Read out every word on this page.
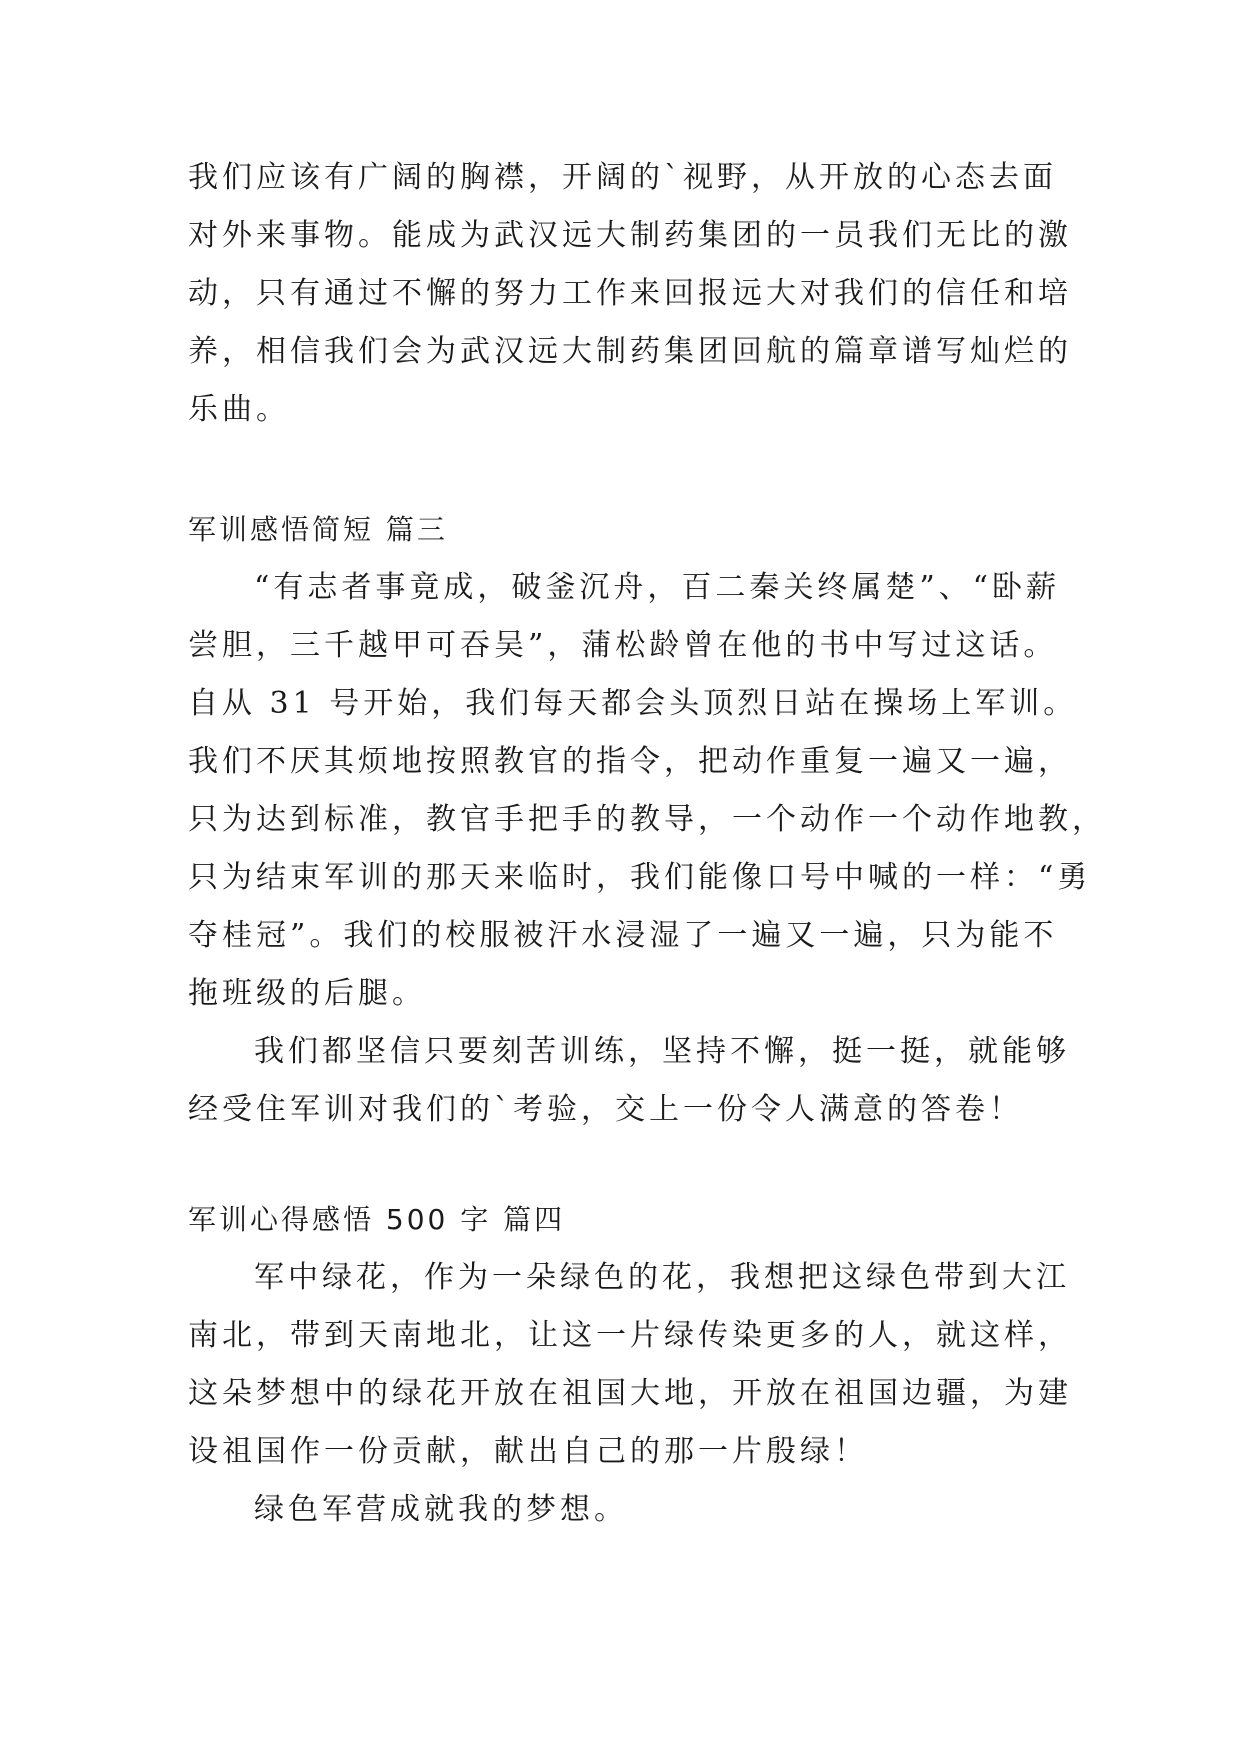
我们应该有广阔的胸襟，开阔的`视野，从开放的心态去面
对外来事物。能成为武汉远大制药集团的一员我们无比的激
动，只有通过不懈的努力工作来回报远大对我们的信任和培
养，相信我们会为武汉远大制药集团回航的篇章谱写灿烂的
乐曲。
军训感悟简短 篇三
“有志者事竟成，破釜沉舟，百二秦关终属楚”、“卧薪
尝胆，三千越甲可吞吴”，蒲松龄曾在他的书中写过这话。
自从 31 号开始，我们每天都会头顶烈日站在操场上军训。
我们不厌其烦地按照教官的指令，把动作重复一遍又一遍，
只为达到标准，教官手把手的教导，一个动作一个动作地教，
只为结束军训的那天来临时，我们能像口号中喊的一样：“勇
夺桂冠”。我们的校服被汗水浸湿了一遍又一遍，只为能不
拖班级的后腿。
我们都坚信只要刻苦训练，坚持不懈，挺一挺，就能够
经受住军训对我们的`考验，交上一份令人满意的答卷！
军训心得感悟 500 字 篇四
军中绿花，作为一朵绿色的花，我想把这绿色带到大江
南北，带到天南地北，让这一片绿传染更多的人，就这样，
这朵梦想中的绿花开放在祖国大地，开放在祖国边疆，为建
设祖国作一份贡献，献出自己的那一片殷绿！
绿色军营成就我的梦想。
